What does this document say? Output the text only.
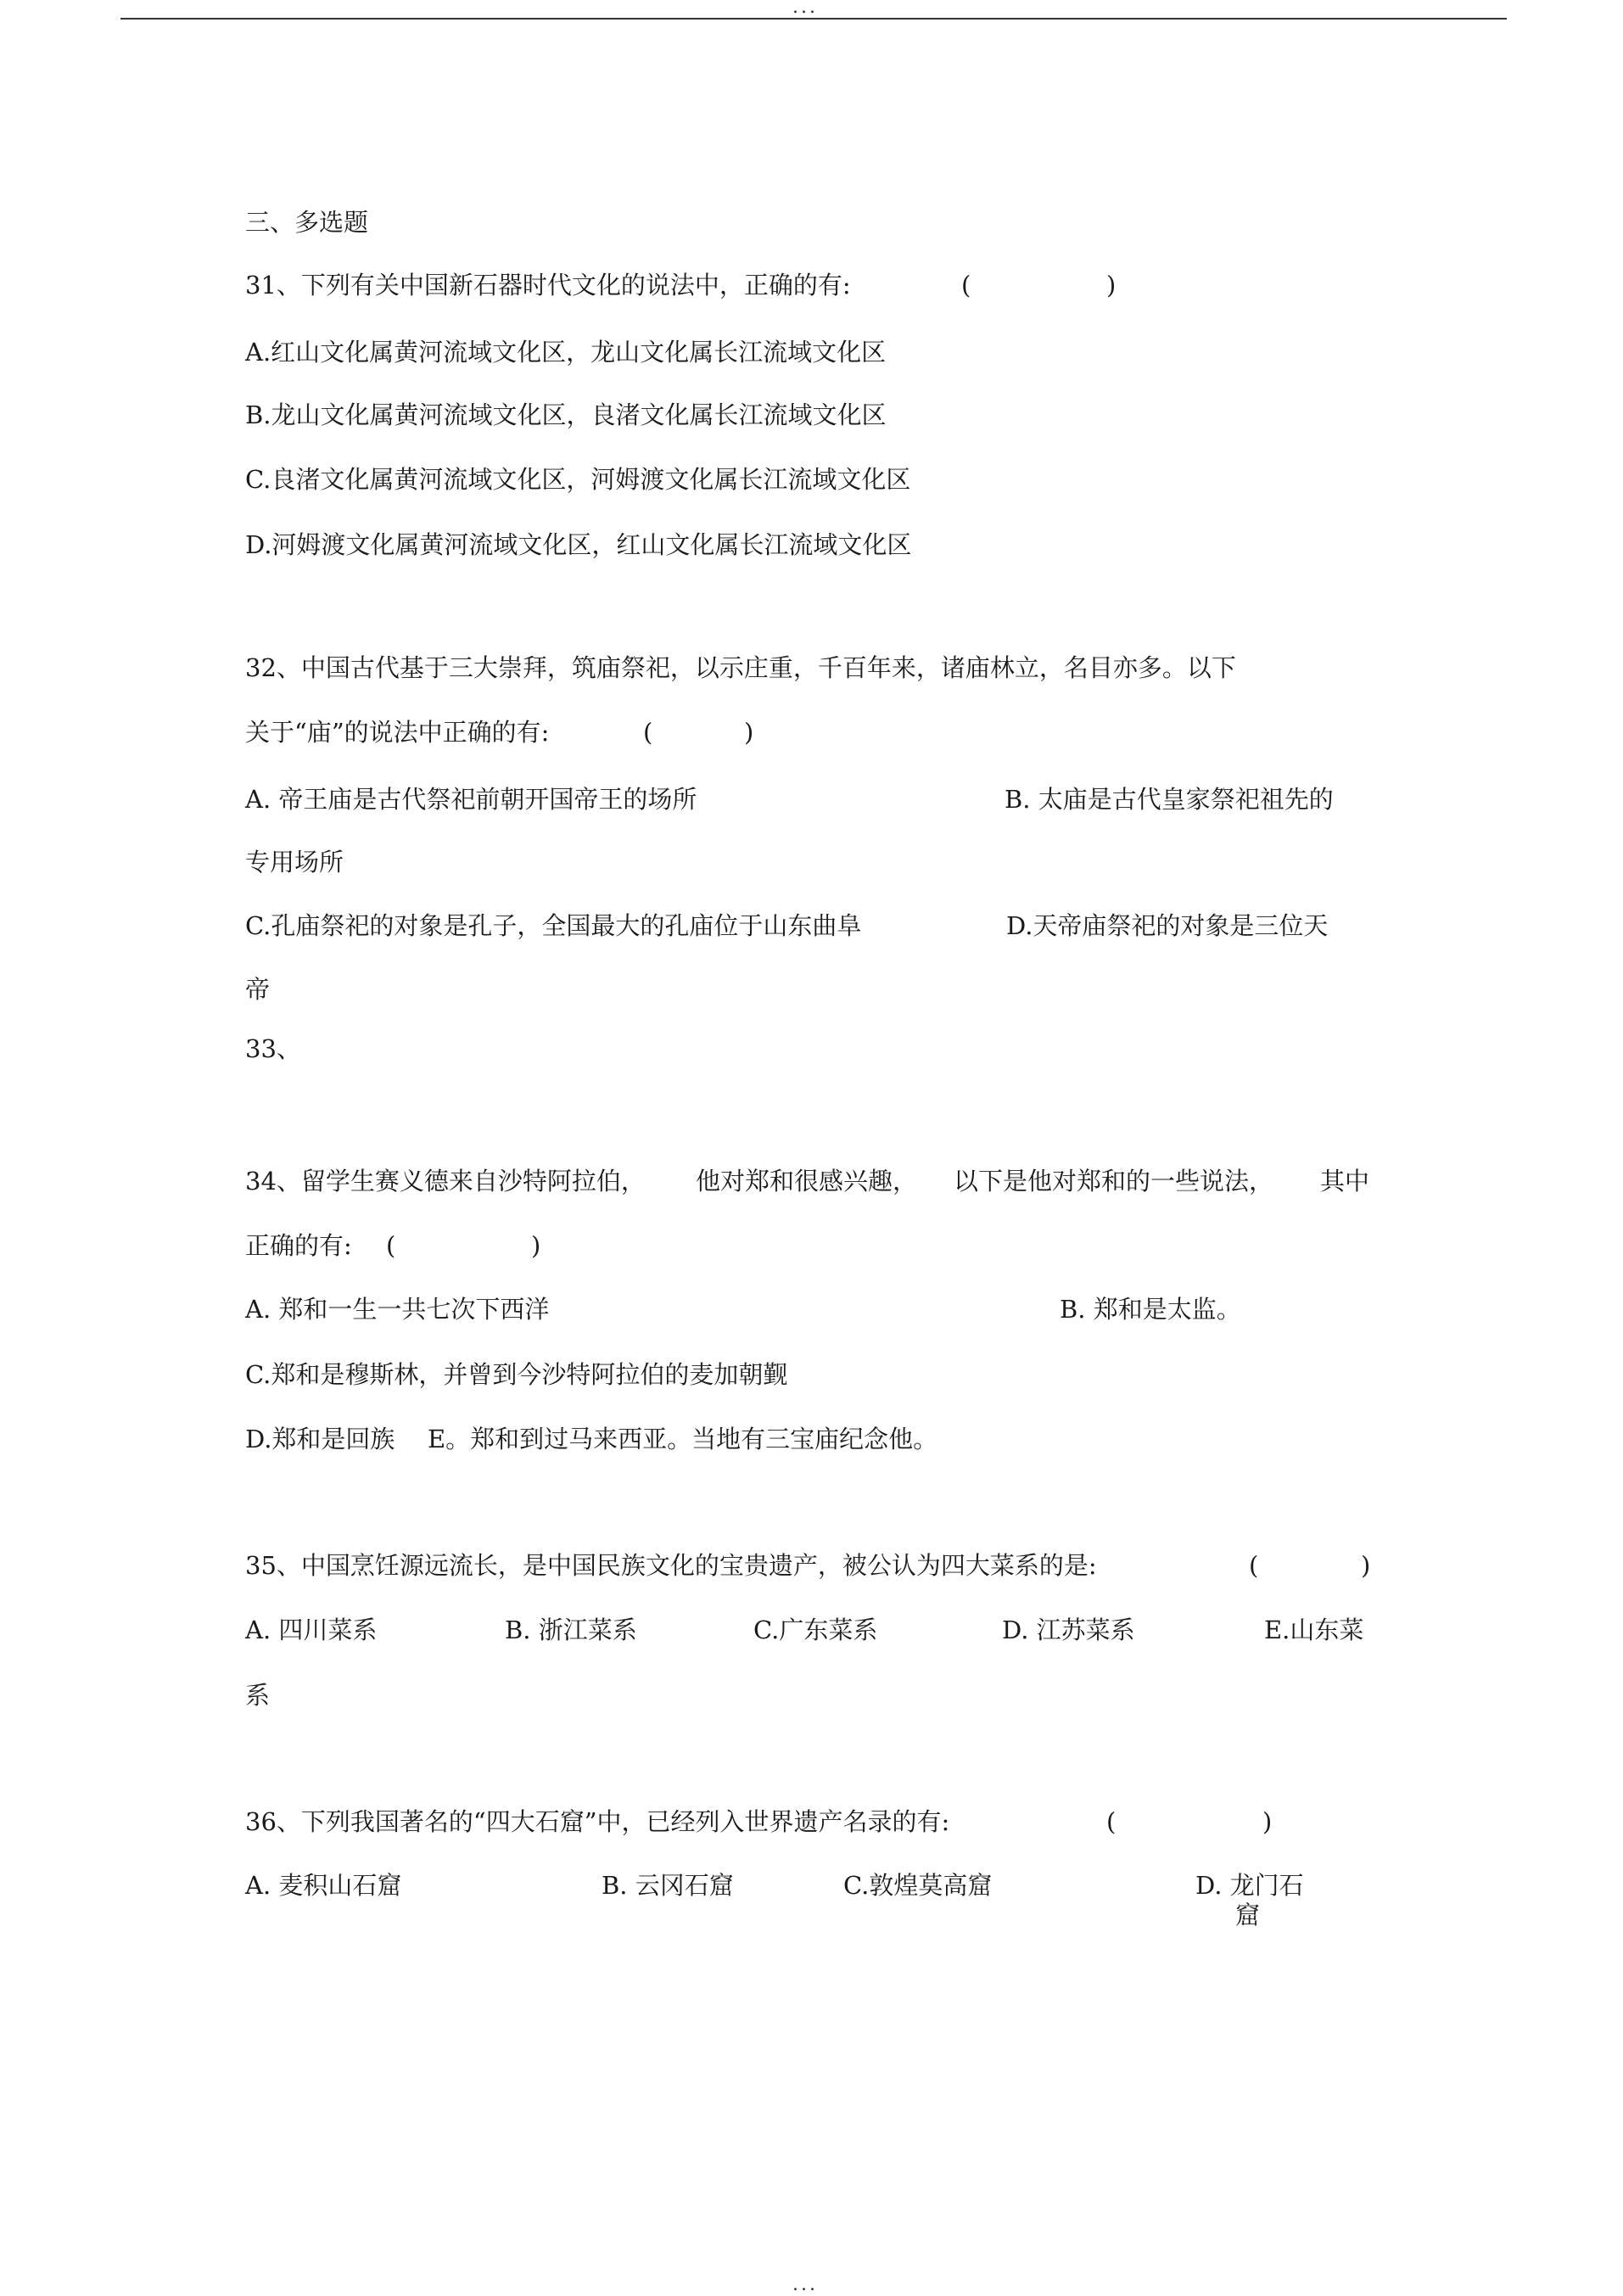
...
三、多选题
31、下列有关中国新石器时代文化的说法中，正确的有:	(	)
A.红山文化属黄河流域文化区，龙山文化属长江流域文化区
B.龙山文化属黄河流域文化区，良渚文化属长江流域文化区
C.良渚文化属黄河流域文化区，河姆渡文化属长江流域文化区
D.河姆渡文化属黄河流域文化区，红山文化属长江流域文化区
32、中国古代基于三大崇拜，筑庙祭祀，以示庄重，千百年来，诸庙林立，名目亦多。以下
关于“庙”的说法中正确的有:	(	)
A. 帝王庙是古代祭祀前朝开国帝王的场所	B. 太庙是古代皇家祭祀祖先的
专用场所
C.孔庙祭祀的对象是孔子，全国最大的孔庙位于山东曲阜	D.天帝庙祭祀的对象是三位天
帝
33、
34、留学生赛义德来自沙特阿拉伯， 他对郑和很感兴趣， 以下是他对郑和的一些说法， 其中
正确的有: (	)
A. 郑和一生一共七次下西洋	B. 郑和是太监。
C.郑和是穆斯林，并曾到今沙特阿拉伯的麦加朝觐
D.郑和是回族 E。郑和到过马来西亚。当地有三宝庙纪念他。
35、中国烹饪源远流长，是中国民族文化的宝贵遗产，被公认为四大菜系的是:	(	)
A. 四川菜系	B. 浙江菜系	C.广东菜系	D. 江苏菜系	E.山东菜
系
36、下列我国著名的“四大石窟”中，已经列入世界遗产名录的有:	(	)
A. 麦积山石窟	B. 云冈石窟	C.敦煌莫高窟	D. 龙门石
窟
...
